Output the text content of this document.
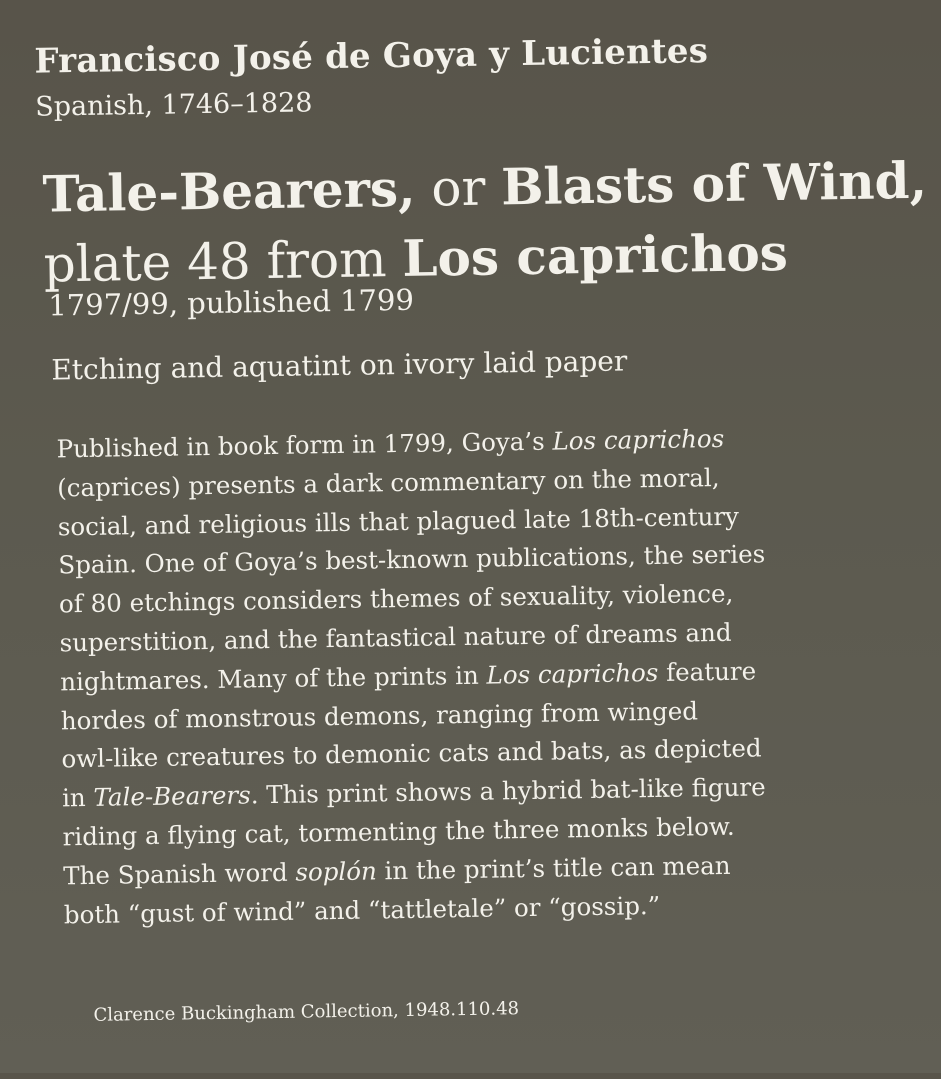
Francisco José de Goya y Lucientes
Spanish, 1746–1828
Tale-Bearers, or Blasts of Wind,
plate 48 from Los caprichos
1797/99, published 1799
Etching and aquatint on ivory laid paper
Published in book form in 1799, Goya’s Los caprichos
(caprices) presents a dark commentary on the moral,
social, and religious ills that plagued late 18th-century
Spain. One of Goya’s best-known publications, the series
of 80 etchings considers themes of sexuality, violence,
superstition, and the fantastical nature of dreams and
nightmares. Many of the prints in Los caprichos feature
hordes of monstrous demons, ranging from winged
owl-like creatures to demonic cats and bats, as depicted
in Tale-Bearers. This print shows a hybrid bat-like figure
riding a flying cat, tormenting the three monks below.
The Spanish word soplón in the print’s title can mean
both “gust of wind” and “tattletale” or “gossip.”
Clarence Buckingham Collection, 1948.110.48
